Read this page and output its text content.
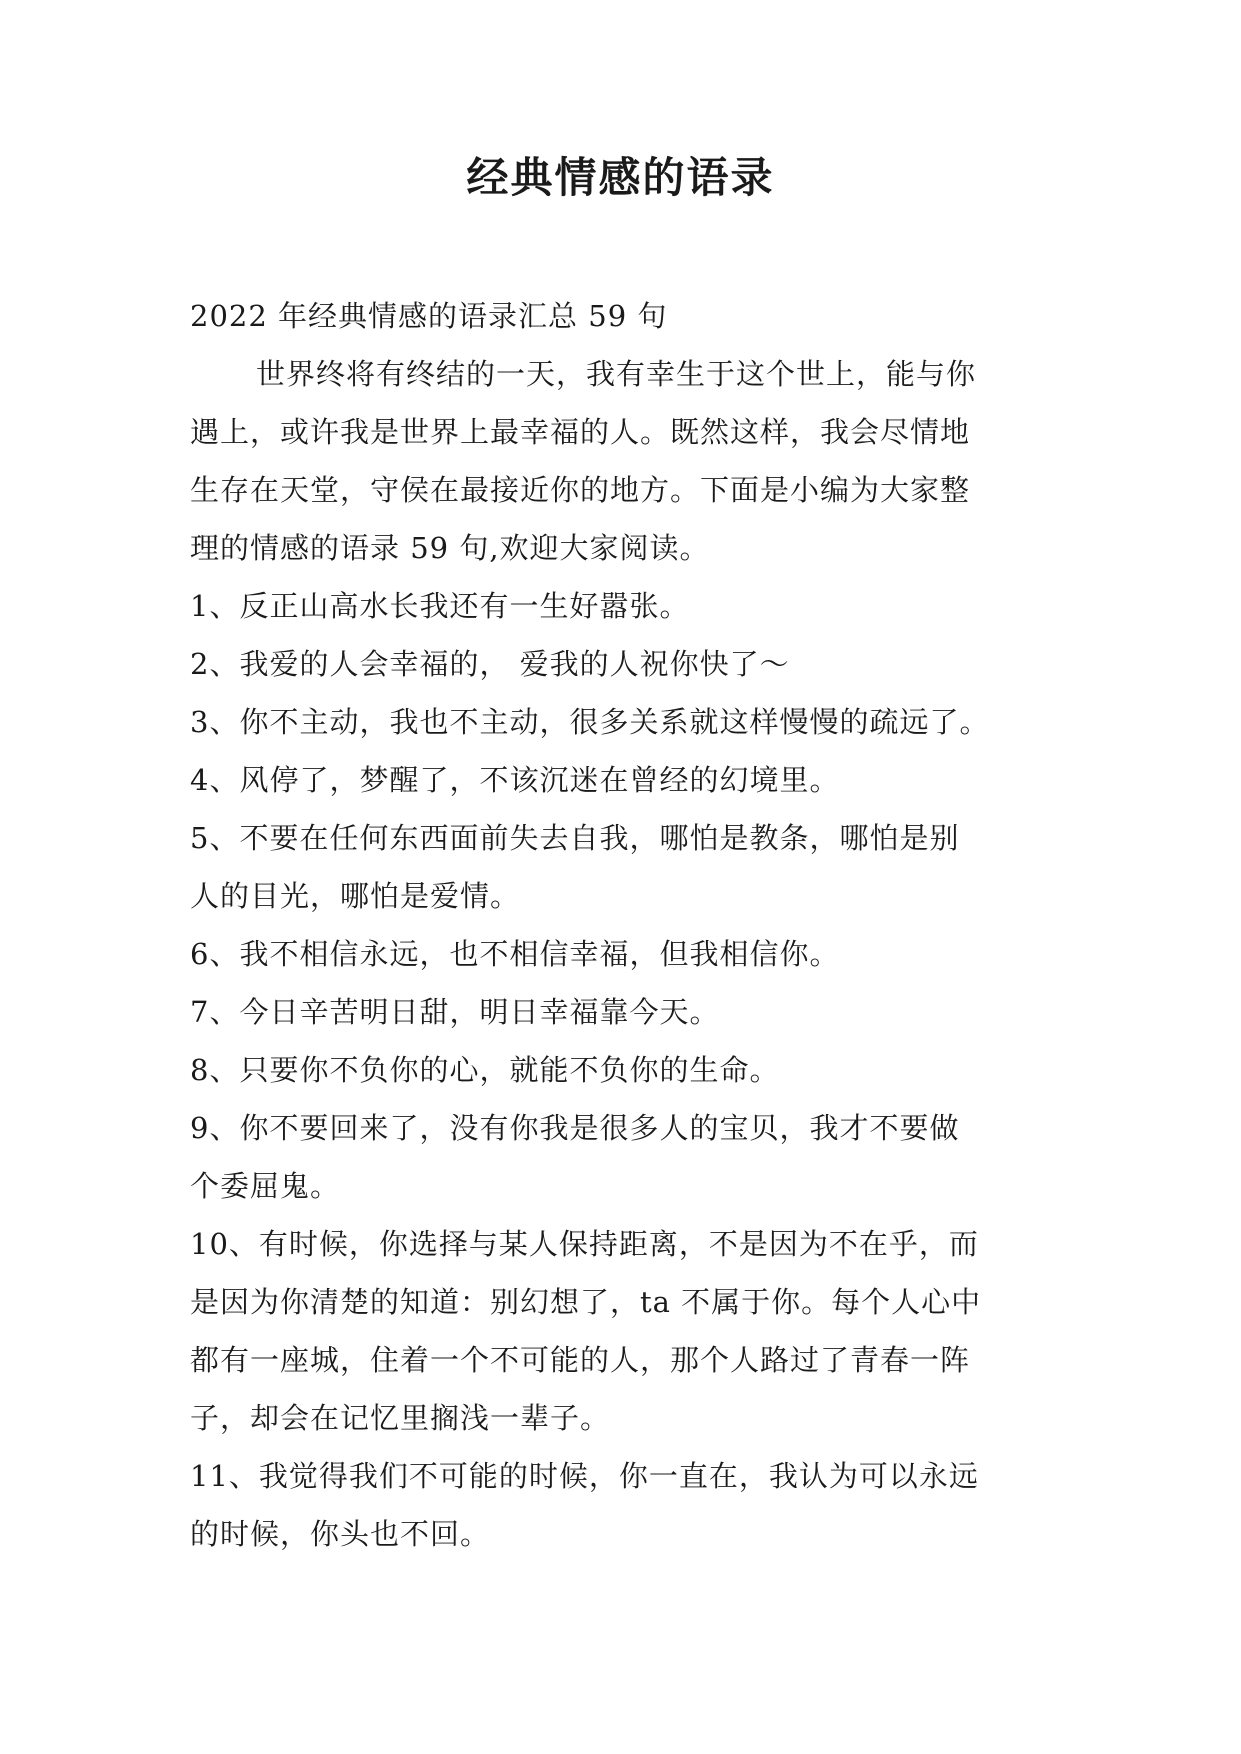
经典情感的语录
2022 年经典情感的语录汇总 59 句
世界终将有终结的一天，我有幸生于这个世上，能与你
遇上，或许我是世界上最幸福的人。既然这样，我会尽情地
生存在天堂，守侯在最接近你的地方。下面是小编为大家整
理的情感的语录 59 句,欢迎大家阅读。
1、反正山高水长我还有一生好嚣张。
2、我爱的人会幸福的， 爱我的人祝你快了～
3、你不主动，我也不主动，很多关系就这样慢慢的疏远了。
4、风停了，梦醒了，不该沉迷在曾经的幻境里。
5、不要在任何东西面前失去自我，哪怕是教条，哪怕是别
人的目光，哪怕是爱情。
6、我不相信永远，也不相信幸福，但我相信你。
7、今日辛苦明日甜，明日幸福靠今天。
8、只要你不负你的心，就能不负你的生命。
9、你不要回来了，没有你我是很多人的宝贝，我才不要做
个委屈鬼。
10、有时候，你选择与某人保持距离，不是因为不在乎，而
是因为你清楚的知道：别幻想了，ta 不属于你。每个人心中
都有一座城，住着一个不可能的人，那个人路过了青春一阵
子，却会在记忆里搁浅一辈子。
11、我觉得我们不可能的时候，你一直在，我认为可以永远
的时候，你头也不回。
